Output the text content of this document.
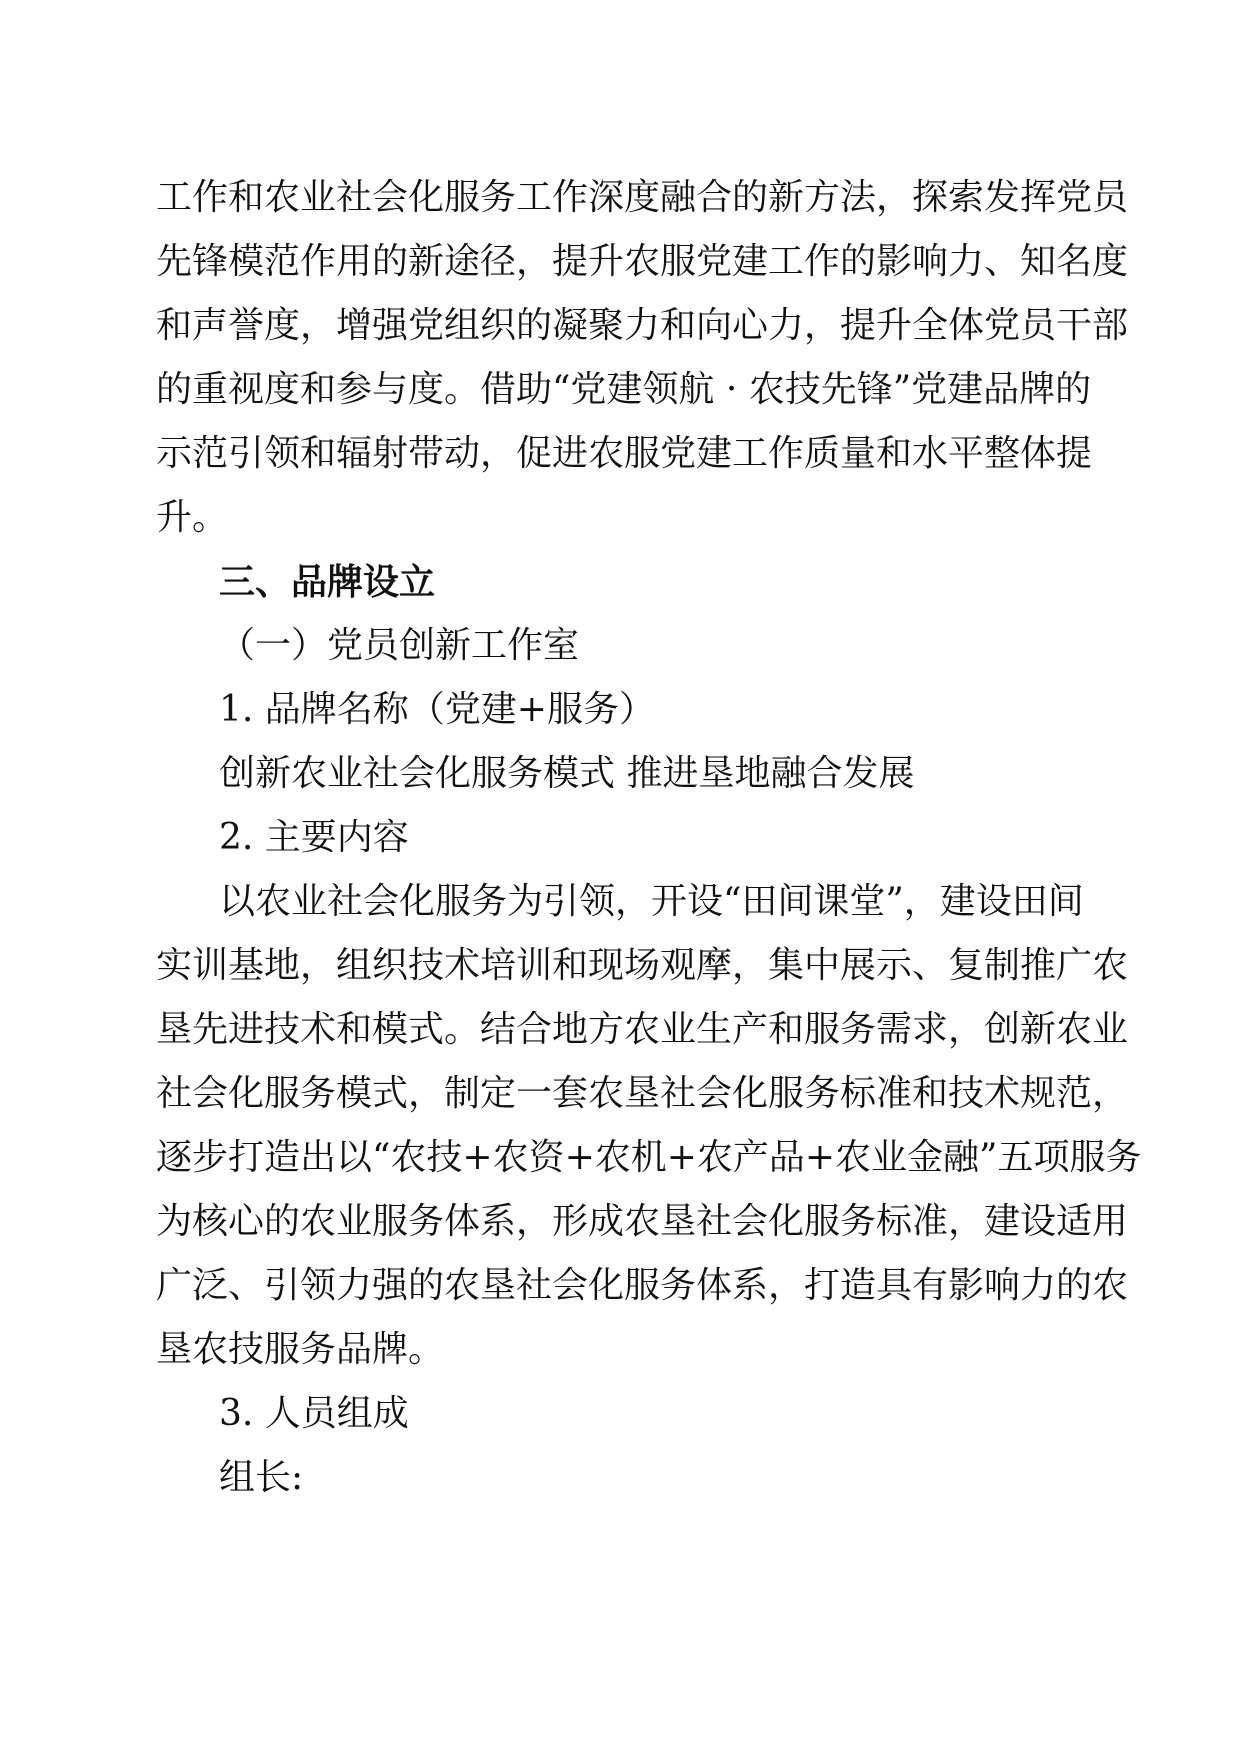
工作和农业社会化服务工作深度融合的新方法，探索发挥党员

先锋模范作用的新途径，提升农服党建工作的影响力、知名度

和声誉度，增强党组织的凝聚力和向心力，提升全体党员干部

的重视度和参与度。借助“党建领航 · 农技先锋”党建品牌的

示范引领和辐射带动，促进农服党建工作质量和水平整体提

升。

三、品牌设立

（一）党员创新工作室

1. 品牌名称（党建+服务）

创新农业社会化服务模式 推进垦地融合发展

2. 主要内容

以农业社会化服务为引领，开设“田间课堂”，建设田间

实训基地，组织技术培训和现场观摩，集中展示、复制推广农

垦先进技术和模式。结合地方农业生产和服务需求，创新农业

社会化服务模式，制定一套农垦社会化服务标准和技术规范，

逐步打造出以“农技+农资+农机+农产品+农业金融”五项服务

为核心的农业服务体系，形成农垦社会化服务标准，建设适用

广泛、引领力强的农垦社会化服务体系，打造具有影响力的农

垦农技服务品牌。

3. 人员组成

组长:
